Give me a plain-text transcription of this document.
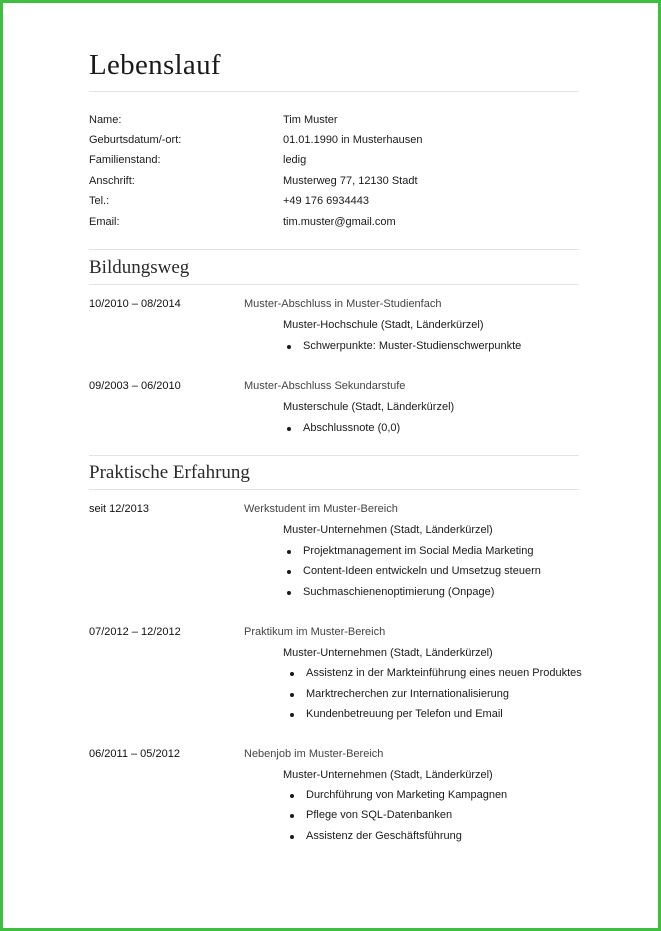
Lebenslauf
Name:	Tim Muster
Geburtsdatum/-ort:	01.01.1990 in Musterhausen
Familienstand:	ledig
Anschrift:	Musterweg 77, 12130 Stadt
Tel.:	+49 176 6934443
Email:	tim.muster@gmail.com
Bildungsweg
10/2010 – 08/2014	Muster-Abschluss in Muster-Studienfach
Muster-Hochschule (Stadt, Länderkürzel)
Schwerpunkte: Muster-Studienschwerpunkte
09/2003 – 06/2010	Muster-Abschluss Sekundarstufe
Musterschule (Stadt, Länderkürzel)
Abschlussnote (0,0)
Praktische Erfahrung
seit 12/2013	Werkstudent im Muster-Bereich
Muster-Unternehmen (Stadt, Länderkürzel)
Projektmanagement im Social Media Marketing
Content-Ideen entwickeln und Umsetzug steuern
Suchmaschienenoptimierung (Onpage)
07/2012 – 12/2012	Praktikum im Muster-Bereich
Muster-Unternehmen (Stadt, Länderkürzel)
Assistenz in der Markteinführung eines neuen Produktes
Marktrecherchen zur Internationalisierung
Kundenbetreuung per Telefon und Email
06/2011 – 05/2012	Nebenjob im Muster-Bereich
Muster-Unternehmen (Stadt, Länderkürzel)
Durchführung von Marketing Kampagnen
Pflege von SQL-Datenbanken
Assistenz der Geschäftsführung
